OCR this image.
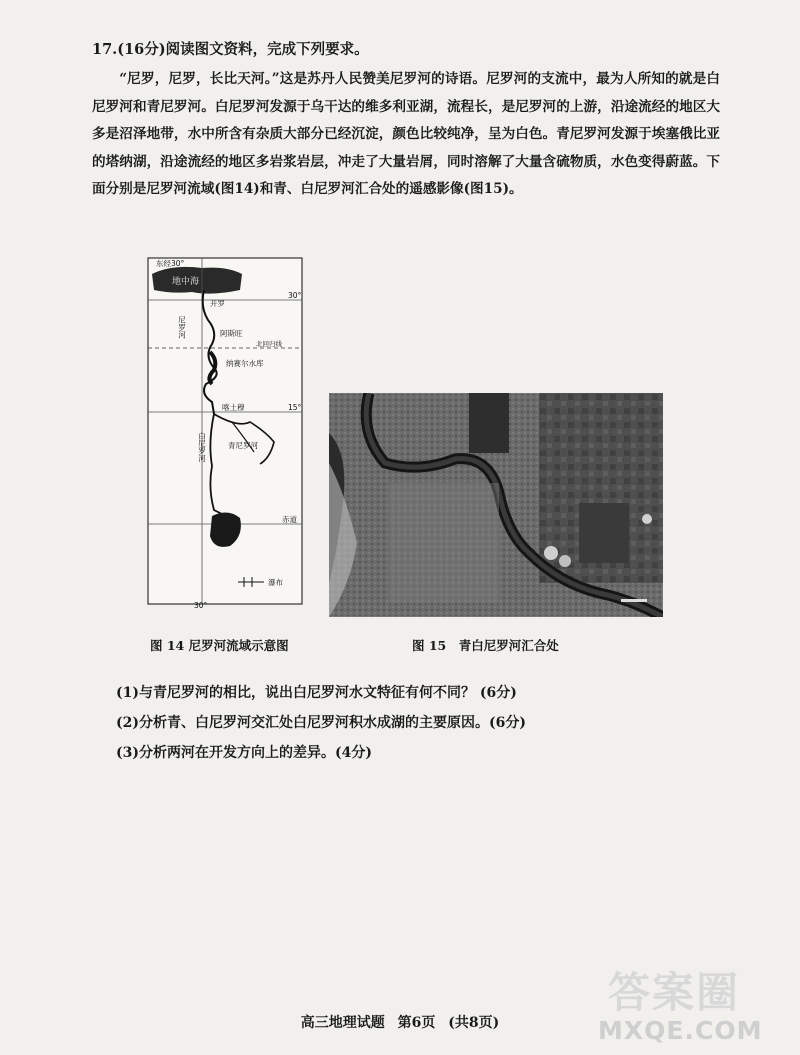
17.(16分)阅读图文资料，完成下列要求。

“尼罗，尼罗，长比天河。”这是苏丹人民赞美尼罗河的诗语。尼罗河的支流中，最为人所知的就是白尼罗河和青尼罗河。白尼罗河发源于乌干达的维多利亚湖，流程长，是尼罗河的上游，沿途流经的地区大多是沼泽地带，水中所含有杂质大部分已经沉淀，颜色比较纯净，呈为白色。青尼罗河发源于埃塞俄比亚的塔纳湖，沿途流经的地区多岩浆岩层，冲走了大量岩屑，同时溶解了大量含硫物质，水色变得蔚蓝。下面分别是尼罗河流域(图14)和青、白尼罗河汇合处的遥感影像(图15)。

东经30°
30°
30°
15°
赤道
地中海
开罗
阿斯旺
北回归线
纳赛尔水库
喀土穆
白尼罗河	青尼罗河
尼罗河
瀑布
图 14 尼罗河流域示意图	图 15　青白尼罗河汇合处
(1)与青尼罗河的相比，说出白尼罗河水文特征有何不同？ (6分)
(2)分析青、白尼罗河交汇处白尼罗河积水成湖的主要原因。(6分)
(3)分析两河在开发方向上的差异。(4分)
高三地理试题 第6页 (共8页)
答案圈
MXQE.COM
